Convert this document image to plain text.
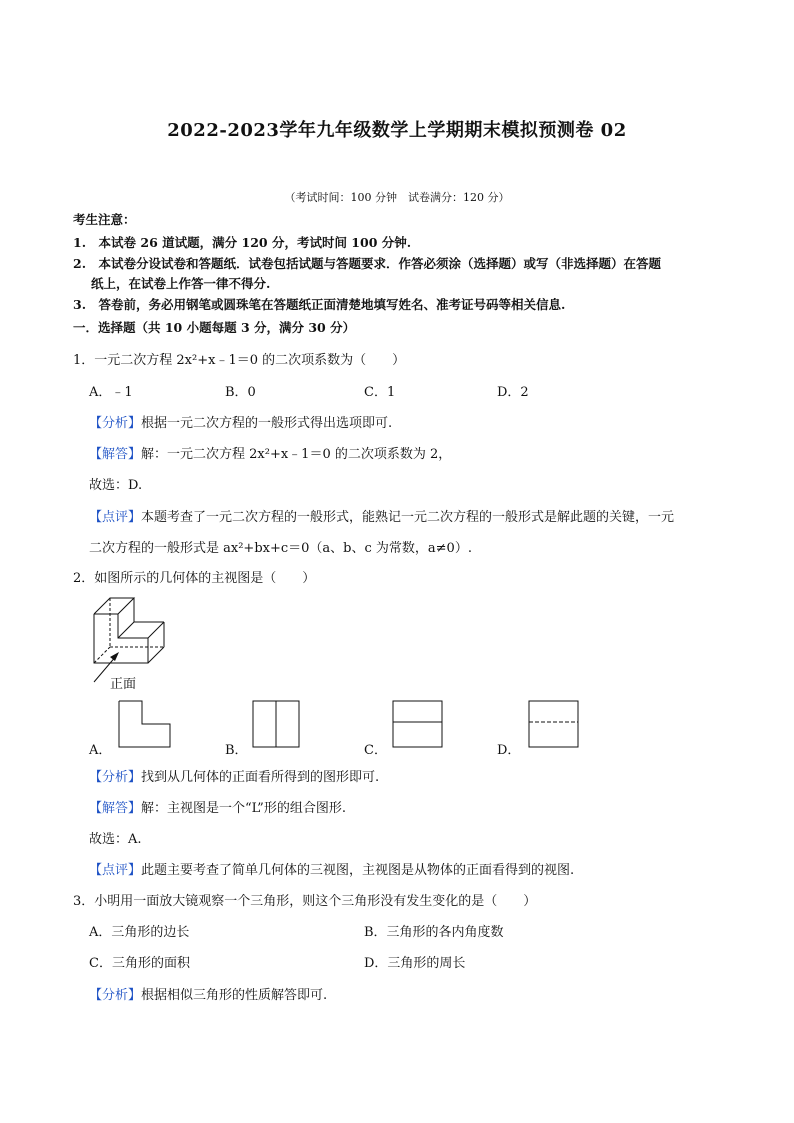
2022-2023学年九年级数学上学期期末模拟预测卷 02
（考试时间：100 分钟　试卷满分：120 分）
考生注意：
1.　本试卷 26 道试题，满分 120 分，考试时间 100 分钟.
2.　本试卷分设试卷和答题纸．试卷包括试题与答题要求．作答必须涂（选择题）或写（非选择题）在答题
纸上，在试卷上作答一律不得分.
3.　答卷前，务必用钢笔或圆珠笔在答题纸正面清楚地填写姓名、准考证号码等相关信息.
一．选择题（共 10 小题每题 3 分，满分 30 分）
1．一元二次方程 2x²+x﹣1＝0 的二次项系数为（　　）
A．﹣1	B．0	C．1	D．2
【分析】根据一元二次方程的一般形式得出选项即可.
【解答】解：一元二次方程 2x²+x﹣1＝0 的二次项系数为 2，
故选：D.
【点评】本题考查了一元二次方程的一般形式，能熟记一元二次方程的一般形式是解此题的关键，一元
二次方程的一般形式是 ax²+bx+c＝0（a、b、c 为常数，a≠0）.
2．如图所示的几何体的主视图是（　　）
正面
A．	B．	C．	D．
【分析】找到从几何体的正面看所得到的图形即可.
【解答】解：主视图是一个“L”形的组合图形.
故选：A.
【点评】此题主要考查了简单几何体的三视图，主视图是从物体的正面看得到的视图.
3．小明用一面放大镜观察一个三角形，则这个三角形没有发生变化的是（　　）
A．三角形的边长	B．三角形的各内角度数
C．三角形的面积	D．三角形的周长
【分析】根据相似三角形的性质解答即可.
